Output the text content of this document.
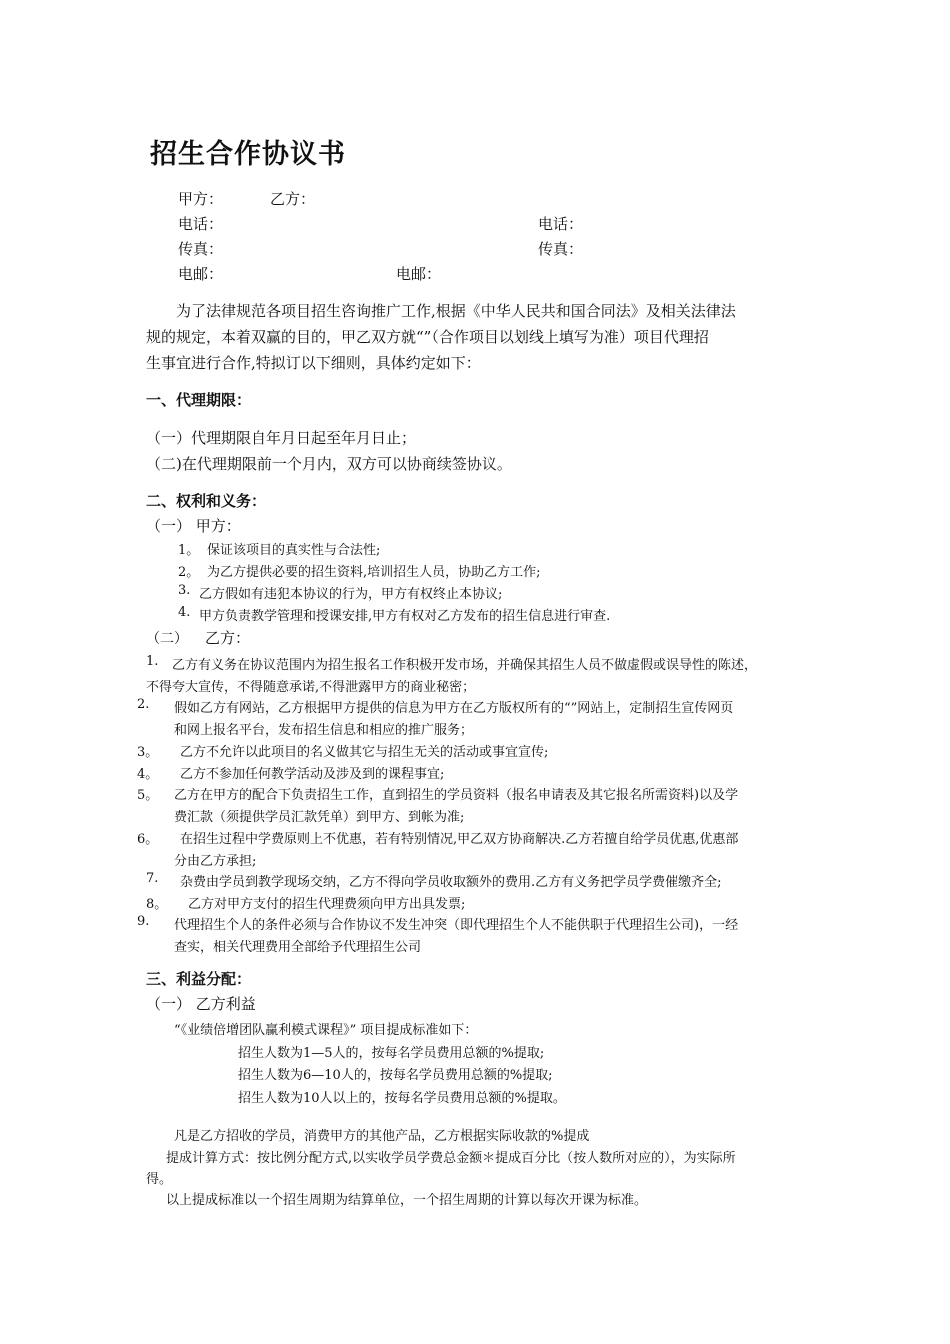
招生合作协议书
甲方：	乙方：
电话：	电话：
传真：	传真：
电邮：	电邮：
为了法律规范各项目招生咨询推广工作,根据《中华人民共和国合同法》及相关法律法
规的规定，本着双赢的目的，甲乙双方就“”（合作项目以划线上填写为准）项目代理招
生事宜进行合作,特拟订以下细则，具体约定如下：
一、代理期限：
（一）代理期限自年月日起至年月日止；
（二)在代理期限前一个月内，双方可以协商续签协议。
二、权利和义务：
（一） 甲方：
1。 保证该项目的真实性与合法性;
2。 为乙方提供必要的招生资料,培训招生人员，协助乙方工作;
3. 乙方假如有违犯本协议的行为，甲方有权终止本协议;
4. 甲方负责教学管理和授课安排,甲方有权对乙方发布的招生信息进行审查.
（二） 乙方：
1. 乙方有义务在协议范围内为招生报名工作积极开发市场，并确保其招生人员不做虚假或误导性的陈述，
不得夸大宣传，不得随意承诺,不得泄露甲方的商业秘密；
2. 假如乙方有网站，乙方根据甲方提供的信息为甲方在乙方版权所有的“”网站上，定制招生宣传网页
和网上报名平台，发布招生信息和相应的推广服务；
3。 乙方不允许以此项目的名义做其它与招生无关的活动或事宜宣传;
4。 乙方不参加任何教学活动及涉及到的课程事宜;
5。 乙方在甲方的配合下负责招生工作，直到招生的学员资料（报名申请表及其它报名所需资料)以及学
费汇款（须提供学员汇款凭单）到甲方、到帐为准;
6。 在招生过程中学费原则上不优惠，若有特别情况,甲乙双方协商解决.乙方若擅自给学员优惠,优惠部
分由乙方承担;
7. 杂费由学员到教学现场交纳，乙方不得向学员收取额外的费用.乙方有义务把学员学费催缴齐全;
8。 乙方对甲方支付的招生代理费须向甲方出具发票;
9. 代理招生个人的条件必须与合作协议不发生冲突（即代理招生个人不能供职于代理招生公司)，一经
查实，相关代理费用全部给予代理招生公司
三、利益分配：
（一） 乙方利益
“《业绩倍增团队赢利模式课程》” 项目提成标准如下：
招生人数为1—5人的，按每名学员费用总额的%提取;
招生人数为6—10人的，按每名学员费用总额的%提取;
招生人数为10人以上的，按每名学员费用总额的%提取。
凡是乙方招收的学员，消费甲方的其他产品，乙方根据实际收款的%提成
提成计算方式：按比例分配方式,以实收学员学费总金额＊提成百分比（按人数所对应的），为实际所
得。
以上提成标准以一个招生周期为结算单位，一个招生周期的计算以每次开课为标准。
